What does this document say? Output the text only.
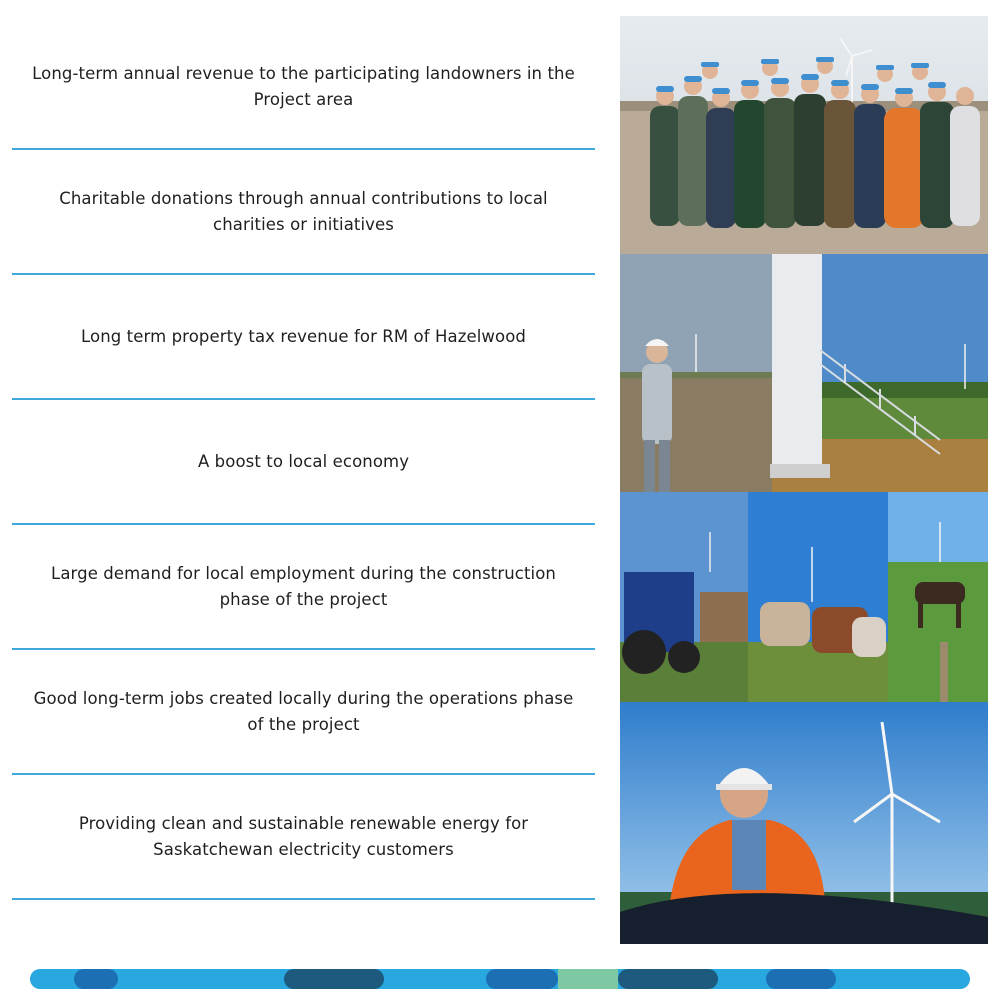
Long-term annual revenue to the participating landowners in the Project area
Charitable donations through annual contributions to local charities or initiatives
Long term property tax revenue for RM of Hazelwood
A boost to local economy
Large demand for local employment during the construction phase of the project
Good long-term jobs created locally during the operations phase of the project
Providing clean and sustainable renewable energy for Saskatchewan electricity customers
